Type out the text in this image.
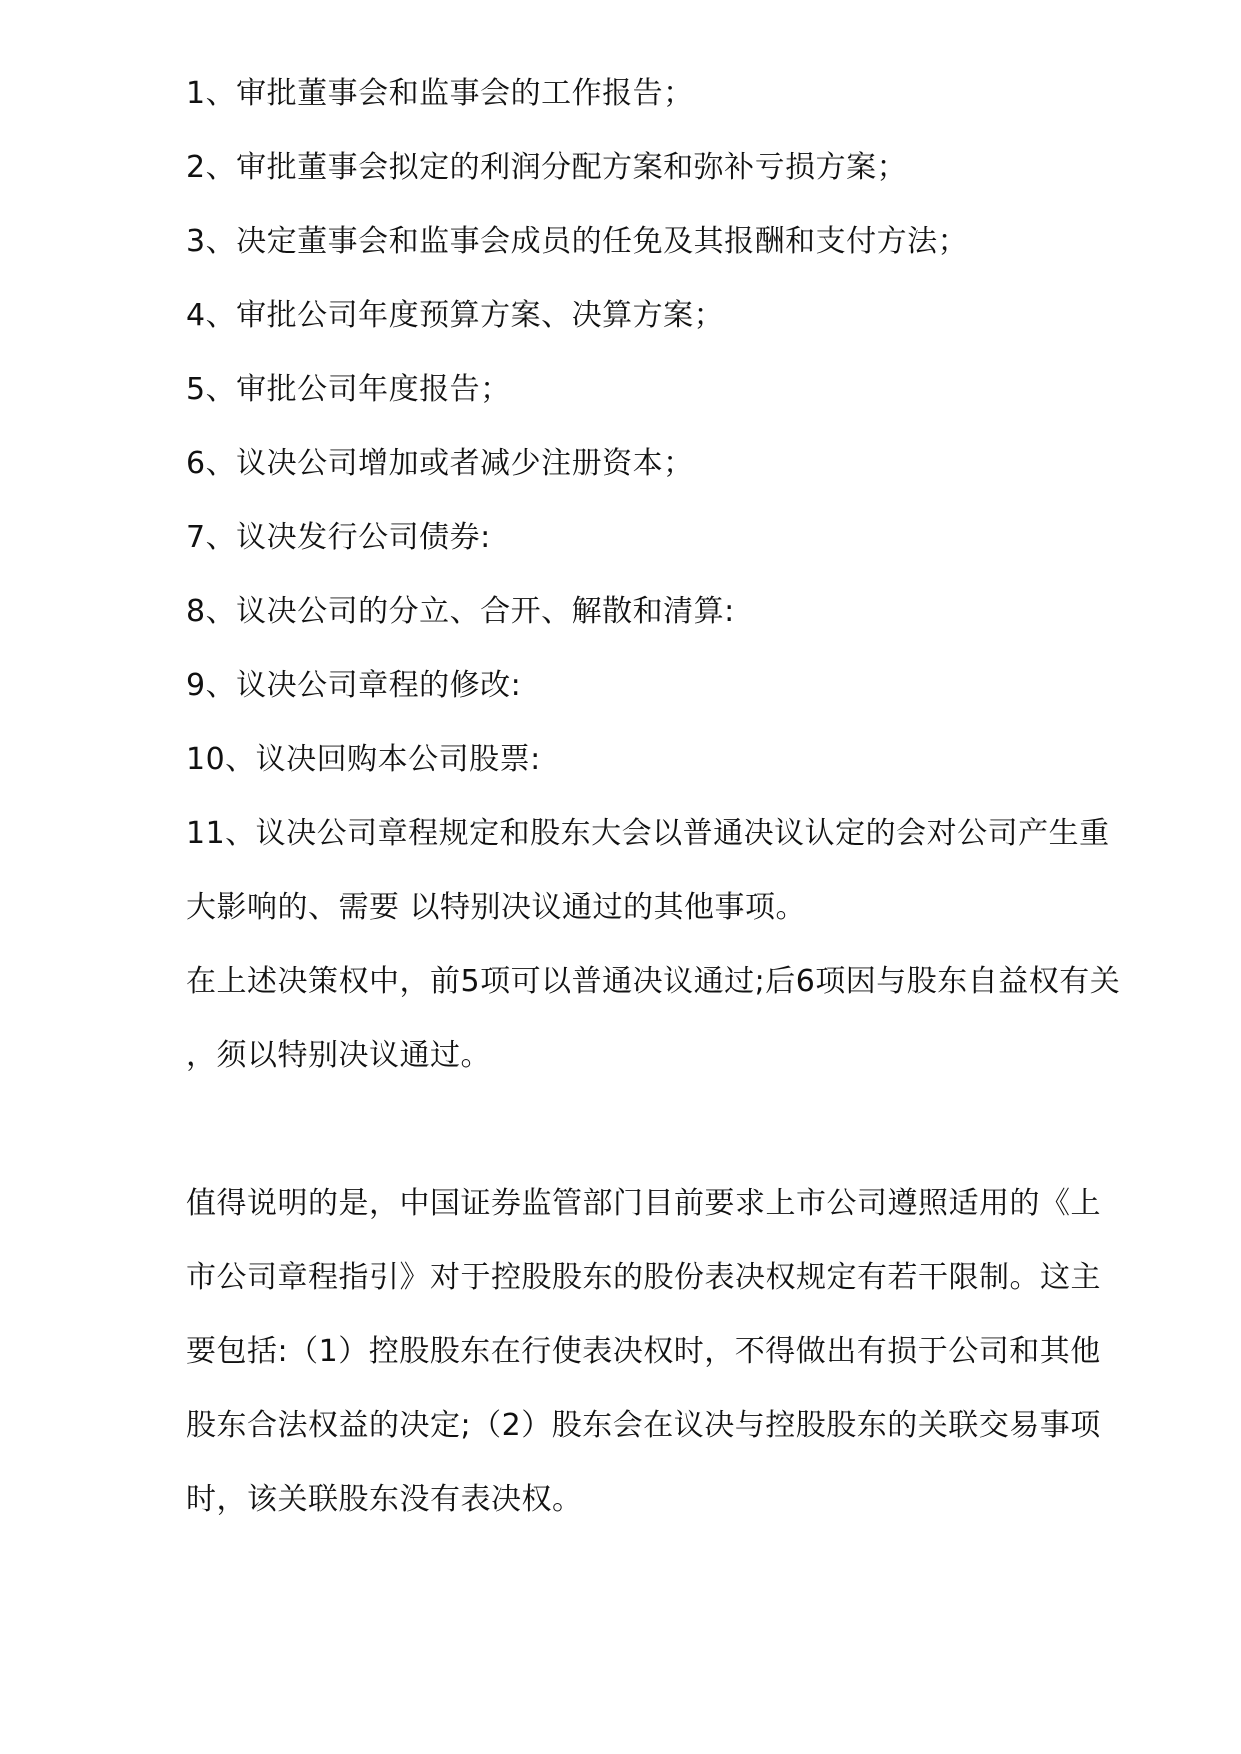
1、审批董事会和监事会的工作报告；
2、审批董事会拟定的利润分配方案和弥补亏损方案；
3、决定董事会和监事会成员的任免及其报酬和支付方法；
4、审批公司年度预算方案、决算方案；
5、审批公司年度报告；
6、议决公司增加或者减少注册资本；
7、议决发行公司债券:
8、议决公司的分立、合开、解散和清算:
9、议决公司章程的修改:
10、议决回购本公司股票:
11、议决公司章程规定和股东大会以普通决议认定的会对公司产生重
大影响的、需要 以特别决议通过的其他事项。
在上述决策权中，前5项可以普通决议通过;后6项因与股东自益权有关
，须以特别决议通过。
值得说明的是，中国证券监管部门目前要求上市公司遵照适用的《上
市公司章程指引》对于控股股东的股份表决权规定有若干限制。这主
要包括:（1）控股股东在行使表决权时，不得做出有损于公司和其他
股东合法权益的决定;（2）股东会在议决与控股股东的关联交易事项
时，该关联股东没有表决权。
